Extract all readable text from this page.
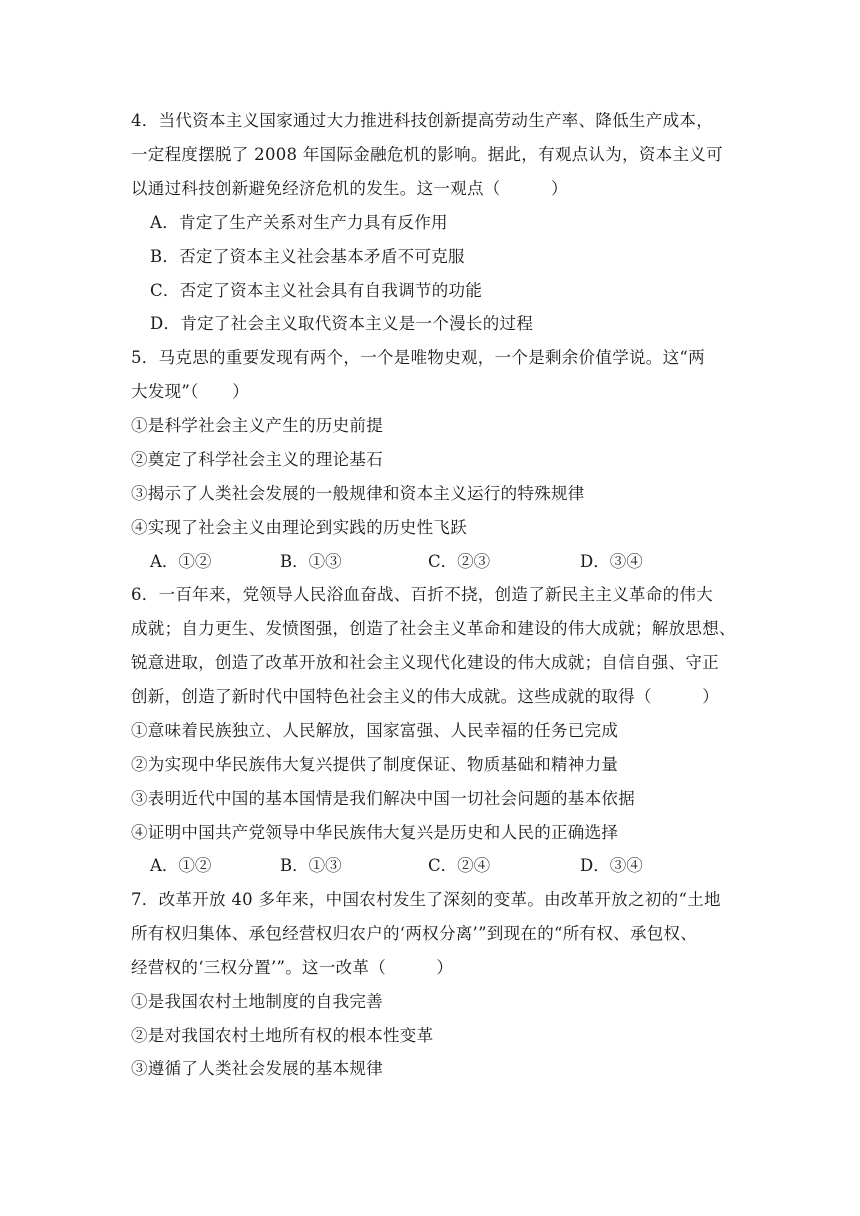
4．当代资本主义国家通过大力推进科技创新提高劳动生产率、降低生产成本，
一定程度摆脱了 2008 年国际金融危机的影响。据此，有观点认为，资本主义可
以通过科技创新避免经济危机的发生。这一观点（　　　）
A．肯定了生产关系对生产力具有反作用
B．否定了资本主义社会基本矛盾不可克服
C．否定了资本主义社会具有自我调节的功能
D．肯定了社会主义取代资本主义是一个漫长的过程
5．马克思的重要发现有两个，一个是唯物史观，一个是剩余价值学说。这“两
大发现”（　　）
①是科学社会主义产生的历史前提
②奠定了科学社会主义的理论基石
③揭示了人类社会发展的一般规律和资本主义运行的特殊规律
④实现了社会主义由理论到实践的历史性飞跃
A．①②	B．①③	C．②③	D．③④
6．一百年来，党领导人民浴血奋战、百折不挠，创造了新民主主义革命的伟大
成就；自力更生、发愤图强，创造了社会主义革命和建设的伟大成就；解放思想、
锐意进取，创造了改革开放和社会主义现代化建设的伟大成就；自信自强、守正
创新，创造了新时代中国特色社会主义的伟大成就。这些成就的取得（　　　）
①意味着民族独立、人民解放，国家富强、人民幸福的任务已完成
②为实现中华民族伟大复兴提供了制度保证、物质基础和精神力量
③表明近代中国的基本国情是我们解决中国一切社会问题的基本依据
④证明中国共产党领导中华民族伟大复兴是历史和人民的正确选择
A．①②	B．①③	C．②④	D．③④
7．改革开放 40 多年来，中国农村发生了深刻的变革。由改革开放之初的“土地
所有权归集体、承包经营权归农户的‘两权分离’”到现在的“所有权、承包权、
经营权的‘三权分置’”。这一改革（　　　）
①是我国农村土地制度的自我完善
②是对我国农村土地所有权的根本性变革
③遵循了人类社会发展的基本规律
